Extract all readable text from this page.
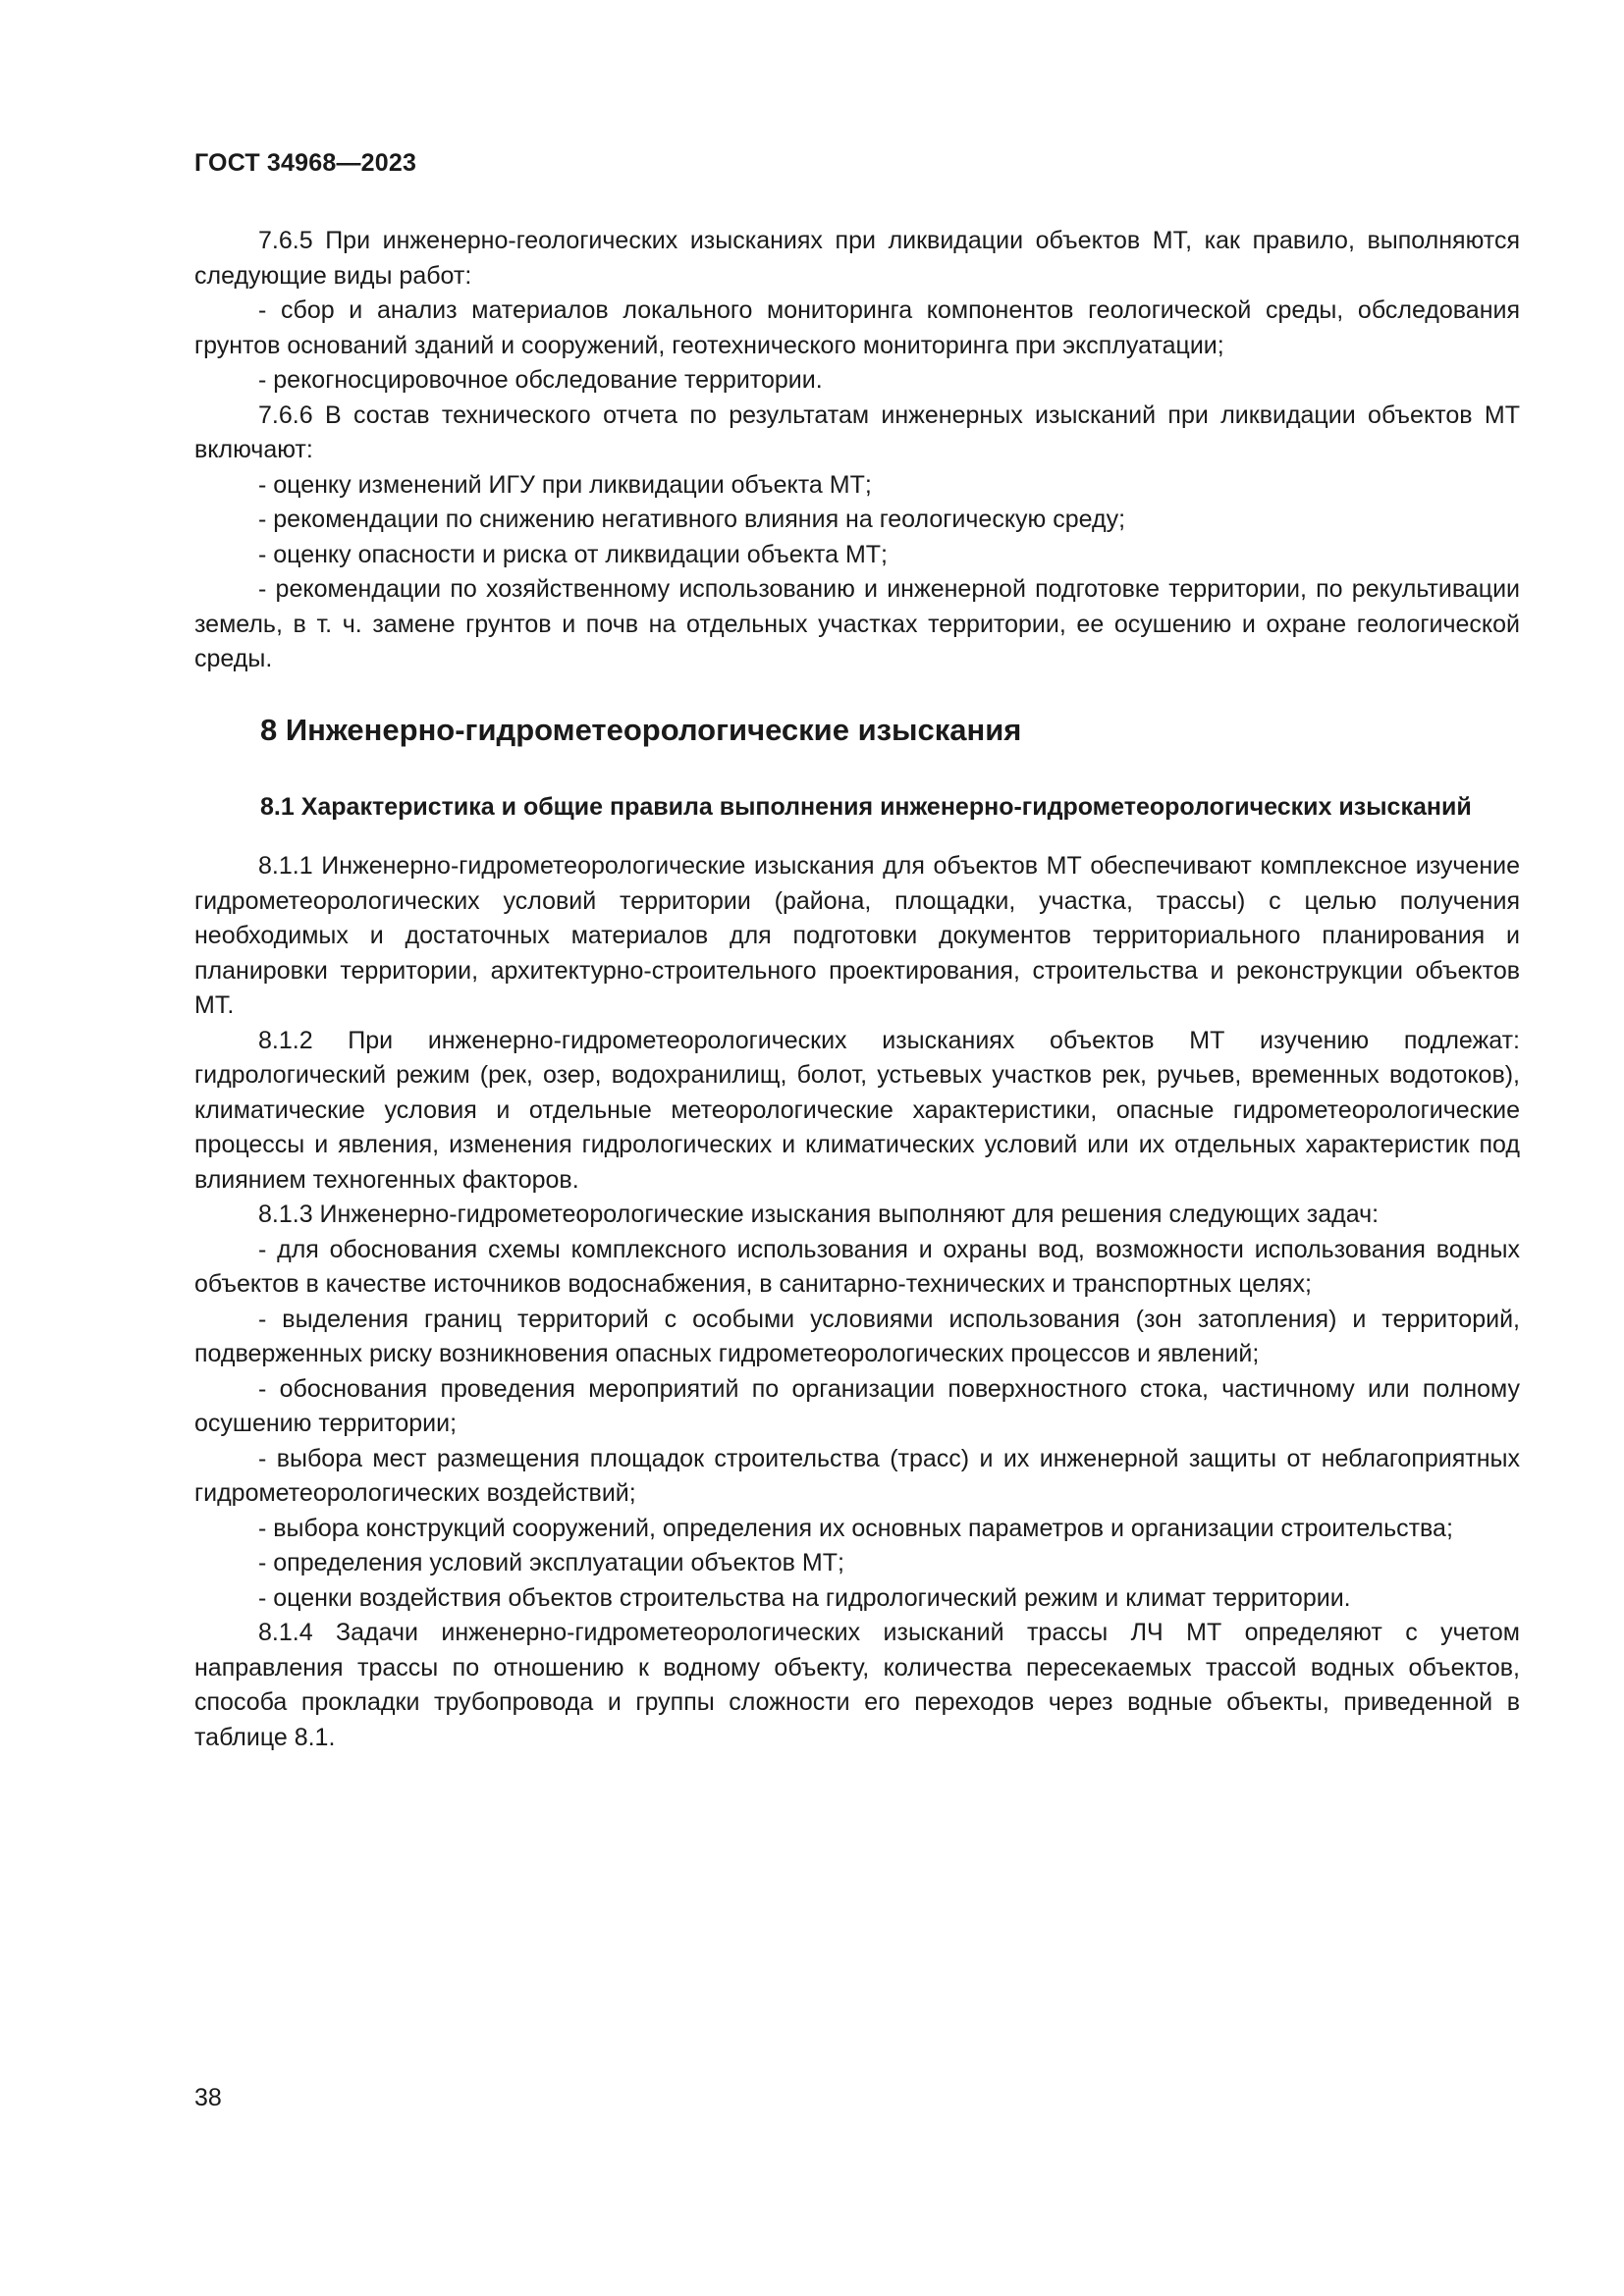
ГОСТ 34968—2023

7.6.5 При инженерно-геологических изысканиях при ликвидации объектов МТ, как правило, выполняются следующие виды работ:

- сбор и анализ материалов локального мониторинга компонентов геологической среды, обследования грунтов оснований зданий и сооружений, геотехнического мониторинга при эксплуатации;

- рекогносцировочное обследование территории.

7.6.6 В состав технического отчета по результатам инженерных изысканий при ликвидации объектов МТ включают:

- оценку изменений ИГУ при ликвидации объекта МТ;

- рекомендации по снижению негативного влияния на геологическую среду;

- оценку опасности и риска от ликвидации объекта МТ;

- рекомендации по хозяйственному использованию и инженерной подготовке территории, по рекультивации земель, в т. ч. замене грунтов и почв на отдельных участках территории, ее осушению и охране геологической среды.

8 Инженерно-гидрометеорологические изыскания
8.1 Характеристика и общие правила выполнения инженерно-гидрометеорологических изысканий

8.1.1 Инженерно-гидрометеорологические изыскания для объектов МТ обеспечивают комплексное изучение гидрометеорологических условий территории (района, площадки, участка, трассы) с целью получения необходимых и достаточных материалов для подготовки документов территориального планирования и планировки территории, архитектурно-строительного проектирования, строительства и реконструкции объектов МТ.

8.1.2 При инженерно-гидрометеорологических изысканиях объектов МТ изучению подлежат: гидрологический режим (рек, озер, водохранилищ, болот, устьевых участков рек, ручьев, временных водотоков), климатические условия и отдельные метеорологические характеристики, опасные гидрометеорологические процессы и явления, изменения гидрологических и климатических условий или их отдельных характеристик под влиянием техногенных факторов.

8.1.3 Инженерно-гидрометеорологические изыскания выполняют для решения следующих задач:

- для обоснования схемы комплексного использования и охраны вод, возможности использования водных объектов в качестве источников водоснабжения, в санитарно-технических и транспортных целях;

- выделения границ территорий с особыми условиями использования (зон затопления) и территорий, подверженных риску возникновения опасных гидрометеорологических процессов и явлений;

- обоснования проведения мероприятий по организации поверхностного стока, частичному или полному осушению территории;

- выбора мест размещения площадок строительства (трасс) и их инженерной защиты от неблагоприятных гидрометеорологических воздействий;

- выбора конструкций сооружений, определения их основных параметров и организации строительства;

- определения условий эксплуатации объектов МТ;

- оценки воздействия объектов строительства на гидрологический режим и климат территории.

8.1.4 Задачи инженерно-гидрометеорологических изысканий трассы ЛЧ МТ определяют с учетом направления трассы по отношению к водному объекту, количества пересекаемых трассой водных объектов, способа прокладки трубопровода и группы сложности его переходов через водные объекты, приведенной в таблице 8.1.

38
